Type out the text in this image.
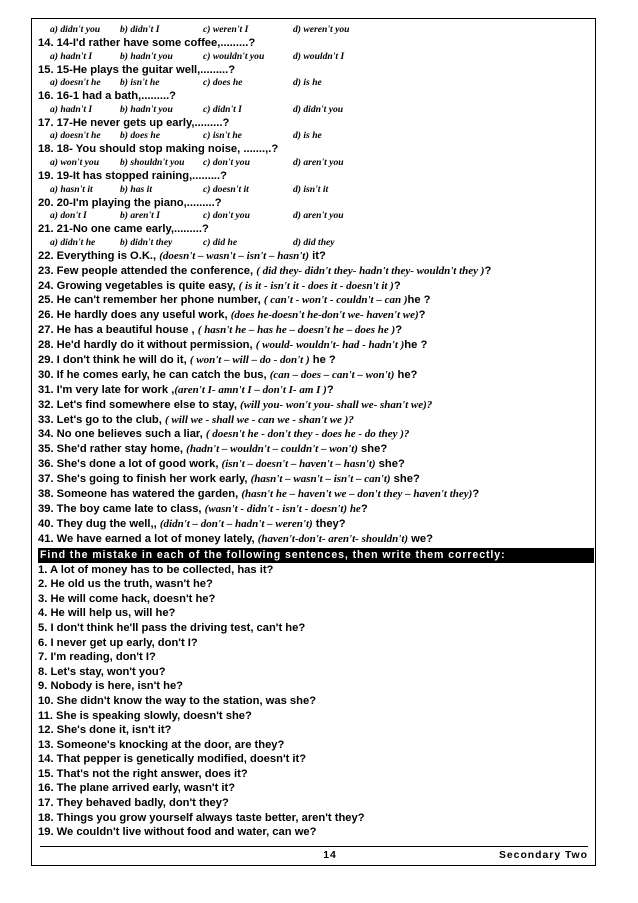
a) didn't you b) didn't I	c) weren't I	d) weren't you
14. 14-I'd rather have some coffee,.........?
a) hadn't I	b) hadn't you	c) wouldn't you	d) wouldn't I
15. 15-He plays the guitar well,.........?
a) doesn't he b) isn't he	c) does he	d) is he
16. 16-1 had a bath,.........?
a) hadn't I	b) hadn't you	c) didn't I	d) didn't you
17. 17-He never gets up early,.........?
a) doesn't he b) does he	c) isn't he	d) is he
18. 18- You should stop making noise, .......,.?
a) won't you b) shouldn't you c) don't you	d) aren't you
19. 19-It has stopped raining,.........?
a) hasn't it	b) has it	c) doesn't it	d) isn't it
20. 20-I'm playing the piano,.........?
a) don't I	b) aren't I	c) don't you	d) aren't you
21. 21-No one came early,.........?
a) didn't he	b) didn't they	c) did he	d) did they
22. Everything is O.K., (doesn't – wasn't – isn't – hasn't) it?
23. Few people attended the conference, ( did they- didn't they- hadn't they- wouldn't they )?
24. Growing vegetables is quite easy, ( is it - isn't it - does it - doesn't it )?
25. He can't remember her phone number, ( can't - won't - couldn't – can )he ?
26. He hardly does any useful work, (does he-doesn't he-don't we- haven't we)?
27. He has a beautiful house , ( hasn't he – has he – doesn't he – does he )?
28. He'd hardly do it without permission, ( would- wouldn't- had - hadn't )he ?
29. I don't think he will do it, ( won't – will – do - don't ) he ?
30. If he comes early, he can catch the bus, (can – does – can't – won't) he?
31. I'm very late for work ,(aren't I- amn't I – don't I- am I )?
32. Let's find somewhere else to stay, (will you- won't you- shall we- shan't we)?
33. Let's go to the club, ( will we - shall we - can we - shan't we )?
34. No one believes such a liar, ( doesn't he - don't they - does he - do they )?
35. She'd rather stay home, (hadn't – wouldn't – couldn't – won't) she?
36. She's done a lot of good work, (isn't – doesn't – haven't – hasn't) she?
37. She's going to finish her work early, (hasn't – wasn't – isn't – can't) she?
38. Someone has watered the garden, (hasn't he – haven't we – don't they – haven't they)?
39. The boy came late to class, (wasn't - didn't - isn't - doesn't) he?
40. They dug the well,, (didn't – don't – hadn't – weren't) they?
41. We have earned a lot of money lately, (haven't-don't- aren't- shouldn't) we?
Find the mistake in each of the following sentences, then write them correctly:
1. A lot of money has to be collected, has it?
2. He old us the truth, wasn't he?
3. He will come hack, doesn't he?
4. He will help us, will he?
5. I don't think he'll pass the driving test, can't he?
6. I never get up early, don't I?
7. I'm reading, don't I?
8. Let's stay, won't you?
9. Nobody is here, isn't he?
10. She didn't know the way to the station, was she?
11. She is speaking slowly, doesn't she?
12. She's done it, isn't it?
13. Someone's knocking at the door, are they?
14. That pepper is genetically modified, doesn't it?
15. That's not the right answer, does it?
16. The plane arrived early, wasn't it?
17. They behaved badly, don't they?
18. Things you grow yourself always taste better, aren't they?
19. We couldn't live without food and water, can we?
14	Secondary Two
